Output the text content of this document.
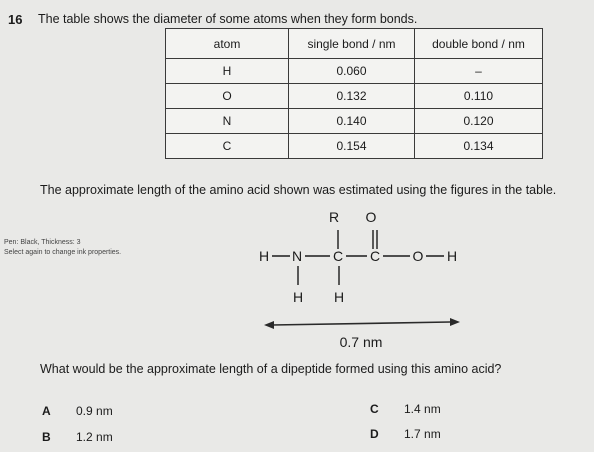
16 The table shows the diameter of some atoms when they form bonds.
atom	single bond / nm	double bond / nm
H	0.060	–
O	0.132	0.110
N	0.140	0.120
C	0.154	0.134
The approximate length of the amino acid shown was estimated using the figures in the table.
Pen: Black, Thickness: 3
Select again to change ink properties.
R O
H N C C O H
H H
0.7 nm
What would be the approximate length of a dipeptide formed using this amino acid?
A 0.9 nm
B 1.2 nm
C 1.4 nm
D 1.7 nm
